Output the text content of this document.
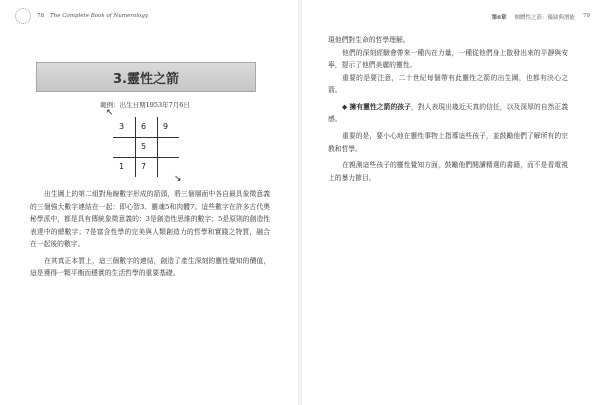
78 The Complete Book of Numerology
3.靈性之箭
範例：出生日期1953年7月6日
3 6 9
5
1 7
↖
↘

出生圖上的第二組對角線數字形成的箭頭，將三個層面中各自最具象徵意義的三個強大數字連結在一起：即心智3、靈魂5和肉體7。這些數字在許多古代奧秘學派中，都是具有傳統象徵意義的：3是創造性思維的數字；5是原則的創造性表達中的總數字；7是富含性學的完美與人類創造力的哲學和實踐之特質，融合在一起後的數字。

在其真正本質上，這三個數字的連結，創造了產生深刻的靈性覺知的價值，這是獲得一顆平衡而穩實的生活哲學的重要基礎。

第6章 個體性之箭：優缺與潛能 79

現他們對生命的哲學理解。

他們的深刻經驗會帶來一種內在力量，一種從他們身上散發出來的平靜與安寧，提示了他們美麗的靈性。

重要的是要注意，二十世紀每個帶有此靈性之箭的出生圖，也都有決心之箭。

◆ 擁有靈性之箭的孩子，對人表現出幾近天真的信任，以及深厚的自然正義感。

重要的是，要小心地在靈性事物上指導這些孩子，並鼓勵他們了解所有的宗教和哲學。

在親測這些孩子的靈性覺知方面，鼓勵他們閱讀精選的書籍，而不是看電視上的暴力節目。
